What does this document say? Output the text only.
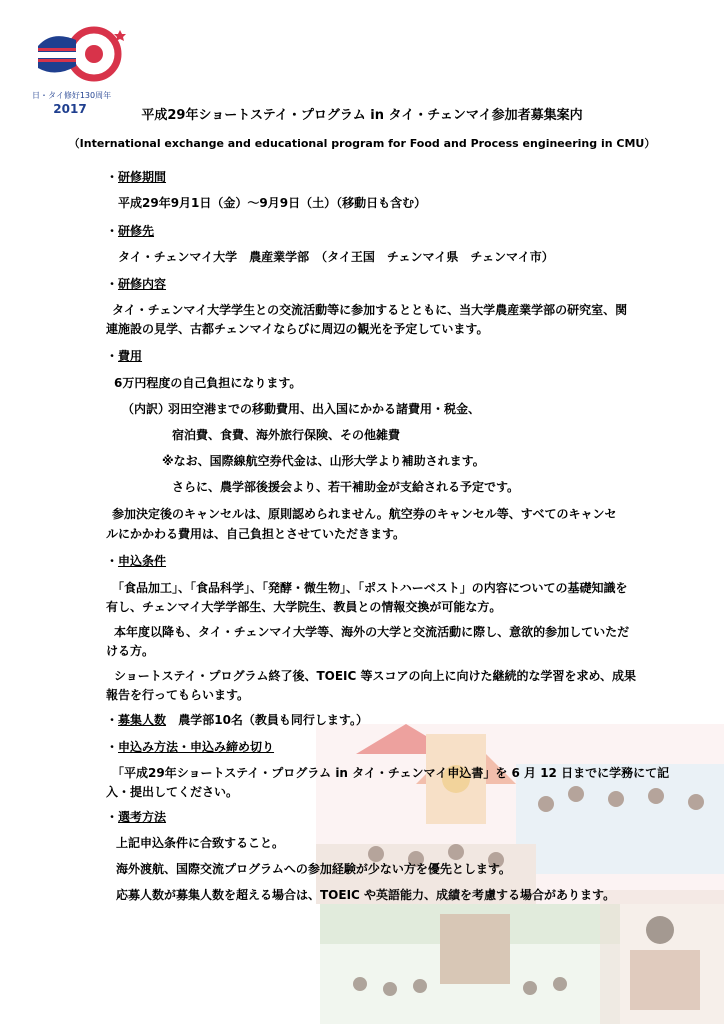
日・タイ修好130周年
2017	平成29年ショートステイ・プログラム in タイ・チェンマイ参加者募集案内
（International exchange and educational program for Food and Process engineering in CMU）
・研修期間
平成29年9月1日（金）～9月9日（土）（移動日も含む）
・研修先
タイ・チェンマイ大学　農産業学部　（タイ王国　チェンマイ県　チェンマイ市）
・研修内容
タイ・チェンマイ大学学生との交流活動等に参加するとともに、当大学農産業学部の研究室、関
連施設の見学、古都チェンマイならびに周辺の観光を予定しています。
・費用
6万円程度の自己負担になります。
（内訳）
羽田空港までの移動費用、出入国にかかる諸費用・税金、
宿泊費、食費、海外旅行保険、その他雑費
※なお、国際線航空券代金は、山形大学より補助されます。
さらに、農学部後援会より、若干補助金が支給される予定です。
参加決定後のキャンセルは、原則認められません。航空券のキャンセル等、すべてのキャンセ
ルにかかわる費用は、自己負担とさせていただきます。
・申込条件
「食品加工」、「食品科学」、「発酵・微生物」、「ポストハーベスト」の内容についての基礎知識を
有し、チェンマイ大学学部生、大学院生、教員との情報交換が可能な方。
本年度以降も、タイ・チェンマイ大学等、海外の大学と交流活動に際し、意欲的参加していただ
ける方。
ショートステイ・プログラム終了後、TOEIC 等スコアの向上に向けた継続的な学習を求め、成果
報告を行ってもらいます。
・募集人数 農学部10名（教員も同行します。）
・申込み方法・申込み締め切り
「平成29年ショートステイ・プログラム in タイ・チェンマイ申込書」を 6 月 12 日までに学務にて記
入・提出してください。
・選考方法
上記申込条件に合致すること。
海外渡航、国際交流プログラムへの参加経験が少ない方を優先とします。
応募人数が募集人数を超える場合は、TOEIC や英語能力、成績を考慮する場合があります。
